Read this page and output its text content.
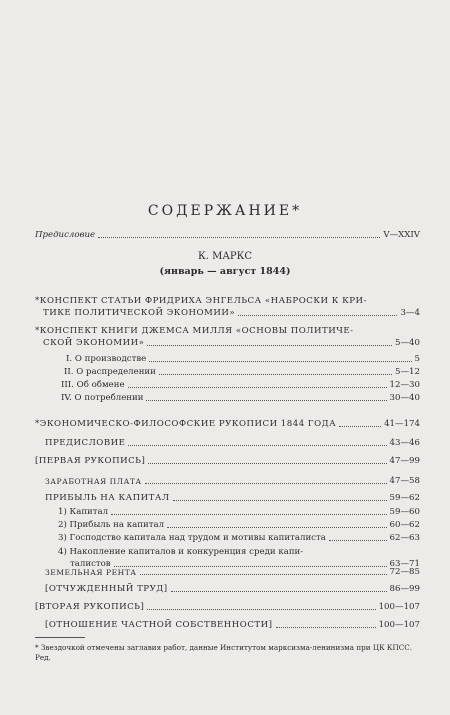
СОДЕРЖАНИЕ*
Предисловие	V—XXIV
К. МАРКС
(январь — август 1844)
*КОНСПЕКТ СТАТЬИ ФРИДРИХА ЭНГЕЛЬСА «НАБРОСКИ К КРИ-
ТИКЕ ПОЛИТИЧЕСКОЙ ЭКОНОМИИ»	3—4
*КОНСПЕКТ КНИГИ ДЖЕМСА МИЛЛЯ «ОСНОВЫ ПОЛИТИЧЕ-
СКОЙ ЭКОНОМИИ»	5—40
I. О производстве	5
II. О распределении	5—12
III. Об обмене	12—30
IV. О потреблении	30—40
*ЭКОНОМИЧЕСКО-ФИЛОСОФСКИЕ РУКОПИСИ 1844 ГОДА	41—174
ПРЕДИСЛОВИЕ	43—46
[ПЕРВАЯ РУКОПИСЬ]	47—99
ЗАРАБОТНАЯ ПЛАТА	47—58
ПРИБЫЛЬ НА КАПИТАЛ	59—62
1) Капитал	59—60
2) Прибыль на капитал	60—62
3) Господство капитала над трудом и мотивы капиталиста	62—63
4) Накопление капиталов и конкуренция среди капи-
талистов	63—71
ЗЕМЕЛЬНАЯ РЕНТА	72—85
[ОТЧУЖДЕННЫЙ ТРУД]	86—99
[ВТОРАЯ РУКОПИСЬ]	100—107
[ОТНОШЕНИЕ ЧАСТНОЙ СОБСТВЕННОСТИ]	100—107
* Звездочкой отмечены заглавия работ, данные Институтом марксизма-ленинизма при ЦК КПСС. Ред.
